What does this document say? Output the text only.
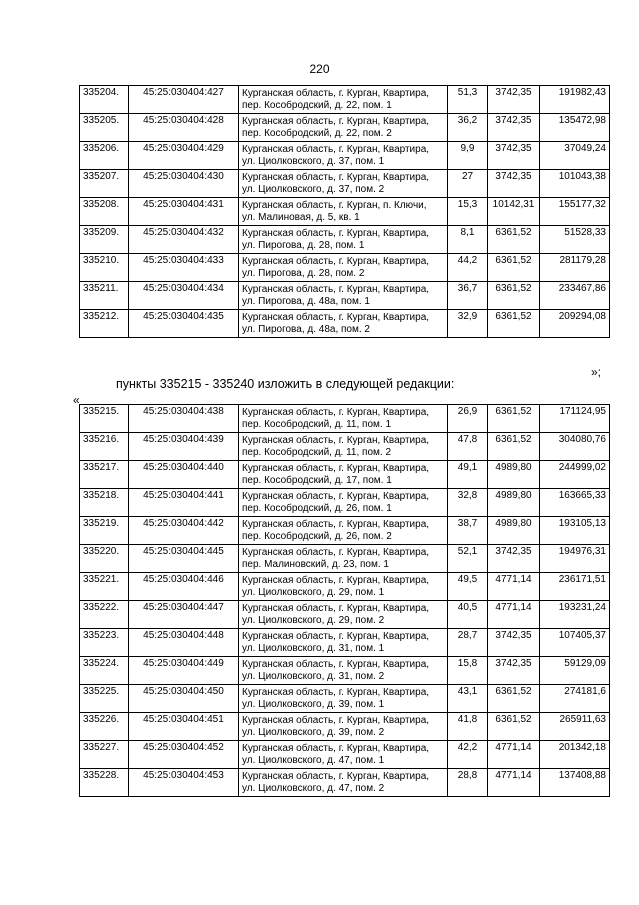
220
335204.	45:25:030404:427	Курганская область, г. Курган, Квартира,
пер. Кособродский, д. 22, пом. 1	51,3	3742,35	191982,43
335205.	45:25:030404:428	Курганская область, г. Курган, Квартира,
пер. Кособродский, д. 22, пом. 2	36,2	3742,35	135472,98
335206.	45:25:030404:429	Курганская область, г. Курган, Квартира,
ул. Циолковского, д. 37, пом. 1	9,9	3742,35	37049,24
335207.	45:25:030404:430	Курганская область, г. Курган, Квартира,
ул. Циолковского, д. 37, пом. 2	27	3742,35	101043,38
335208.	45:25:030404:431	Курганская область, г. Курган, п. Ключи,
ул. Малиновая, д. 5, кв. 1	15,3	10142,31	155177,32
335209.	45:25:030404:432	Курганская область, г. Курган, Квартира,
ул. Пирогова, д. 28, пом. 1	8,1	6361,52	51528,33
335210.	45:25:030404:433	Курганская область, г. Курган, Квартира,
ул. Пирогова, д. 28, пом. 2	44,2	6361,52	281179,28
335211.	45:25:030404:434	Курганская область, г. Курган, Квартира,
ул. Пирогова, д. 48а, пом. 1	36,7	6361,52	233467,86
335212.	45:25:030404:435	Курганская область, г. Курган, Квартира,
ул. Пирогова, д. 48а, пом. 2	32,9	6361,52	209294,08
»;
пункты 335215 - 335240 изложить в следующей редакции:
«
335215.	45:25:030404:438	Курганская область, г. Курган, Квартира,
пер. Кособродский, д. 11, пом. 1	26,9	6361,52	171124,95
335216.	45:25:030404:439	Курганская область, г. Курган, Квартира,
пер. Кособродский, д. 11, пом. 2	47,8	6361,52	304080,76
335217.	45:25:030404:440	Курганская область, г. Курган, Квартира,
пер. Кособродский, д. 17, пом. 1	49,1	4989,80	244999,02
335218.	45:25:030404:441	Курганская область, г. Курган, Квартира,
пер. Кособродский, д. 26, пом. 1	32,8	4989,80	163665,33
335219.	45:25:030404:442	Курганская область, г. Курган, Квартира,
пер. Кособродский, д. 26, пом. 2	38,7	4989,80	193105,13
335220.	45:25:030404:445	Курганская область, г. Курган, Квартира,
пер. Малиновский, д. 23, пом. 1	52,1	3742,35	194976,31
335221.	45:25:030404:446	Курганская область, г. Курган, Квартира,
ул. Циолковского, д. 29, пом. 1	49,5	4771,14	236171,51
335222.	45:25:030404:447	Курганская область, г. Курган, Квартира,
ул. Циолковского, д. 29, пом. 2	40,5	4771,14	193231,24
335223.	45:25:030404:448	Курганская область, г. Курган, Квартира,
ул. Циолковского, д. 31, пом. 1	28,7	3742,35	107405,37
335224.	45:25:030404:449	Курганская область, г. Курган, Квартира,
ул. Циолковского, д. 31, пом. 2	15,8	3742,35	59129,09
335225.	45:25:030404:450	Курганская область, г. Курган, Квартира,
ул. Циолковского, д. 39, пом. 1	43,1	6361,52	274181,6
335226.	45:25:030404:451	Курганская область, г. Курган, Квартира,
ул. Циолковского, д. 39, пом. 2	41,8	6361,52	265911,63
335227.	45:25:030404:452	Курганская область, г. Курган, Квартира,
ул. Циолковского, д. 47, пом. 1	42,2	4771,14	201342,18
335228.	45:25:030404:453	Курганская область, г. Курган, Квартира,
ул. Циолковского, д. 47, пом. 2	28,8	4771,14	137408,88
